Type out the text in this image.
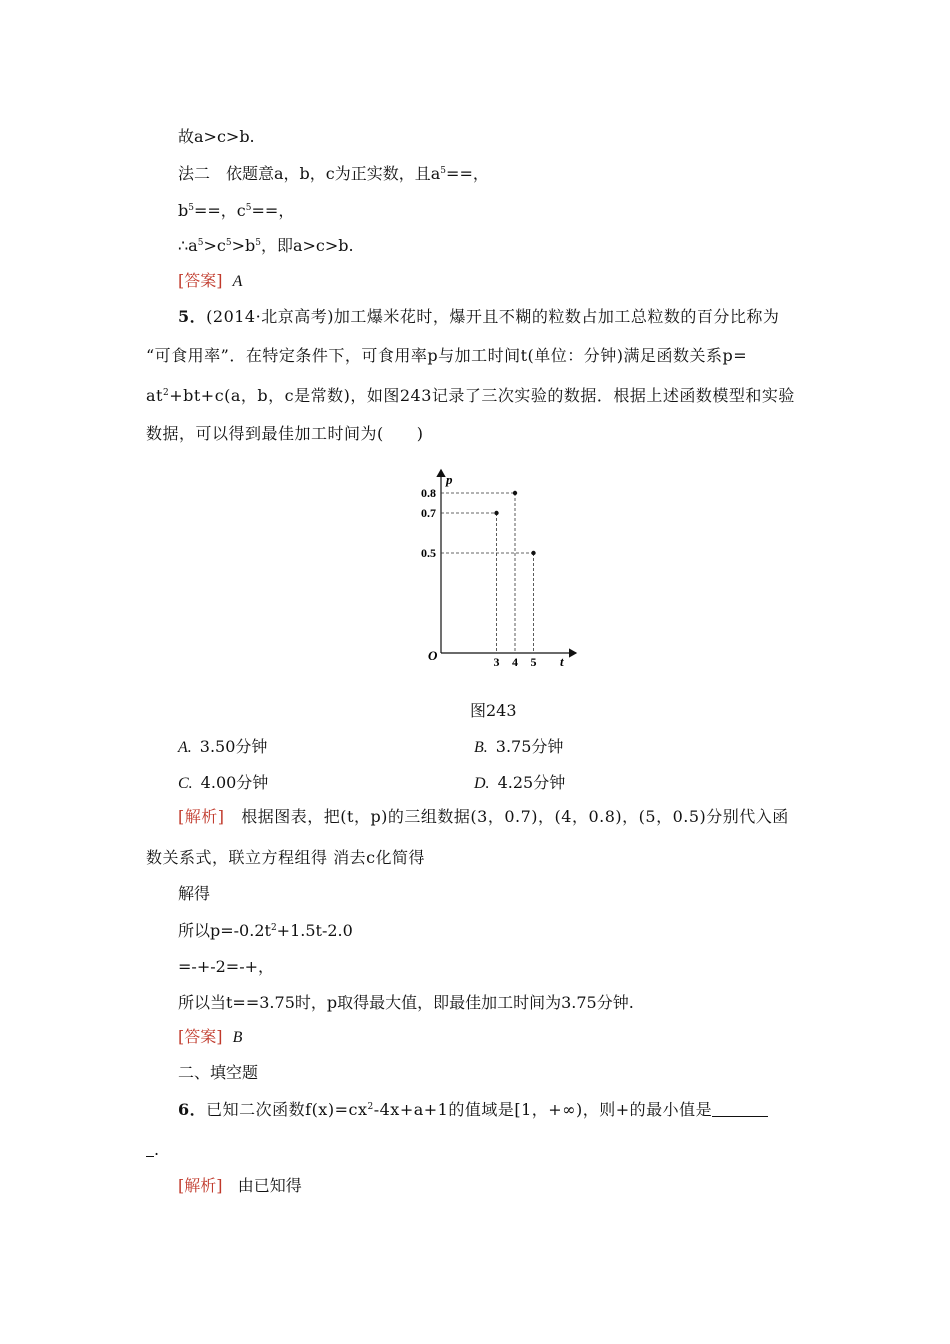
故a>c>b.
法二　依题意a，b，c为正实数，且$a^5==$，
$b^5==$，$c^5==$，
$\therefore a^5>c^5>b^5$，即a>c>b.
[答案] A
5．(2014·北京高考)加工爆米花时，爆开且不糊的粒数占加工总粒数的百分比称为
“可食用率”．在特定条件下，可食用率p与加工时间t(单位：分钟)满足函数关系p=
$at^2+bt+c(a$，b，c是常数)，如图243记录了三次实验的数据．根据上述函数模型和实验
数据，可以得到最佳加工时间为(　　)
3 4 5
0.8
0.7
0.5
O
p
t
图243
A. 3.50分钟	B. 3.75分钟
C. 4.00分钟	D. 4.25分钟
[解析] 根据图表，把(t，p)的三组数据(3，0.7)，(4，0.8)，(5，0.5)分别代入函
数关系式，联立方程组得 消去c化简得
解得
所以$p=-0.2t^2+1.5t-2.0$
=-+-2=-+，
所以当t==3.75时，p取得最大值，即最佳加工时间为3.75分钟.
[答案] B
二、填空题
6．已知二次函数$f(x)=cx^2-4x+a+1$的值域是[1，+∞)，则+的最小值是
.
[解析] 由已知得
